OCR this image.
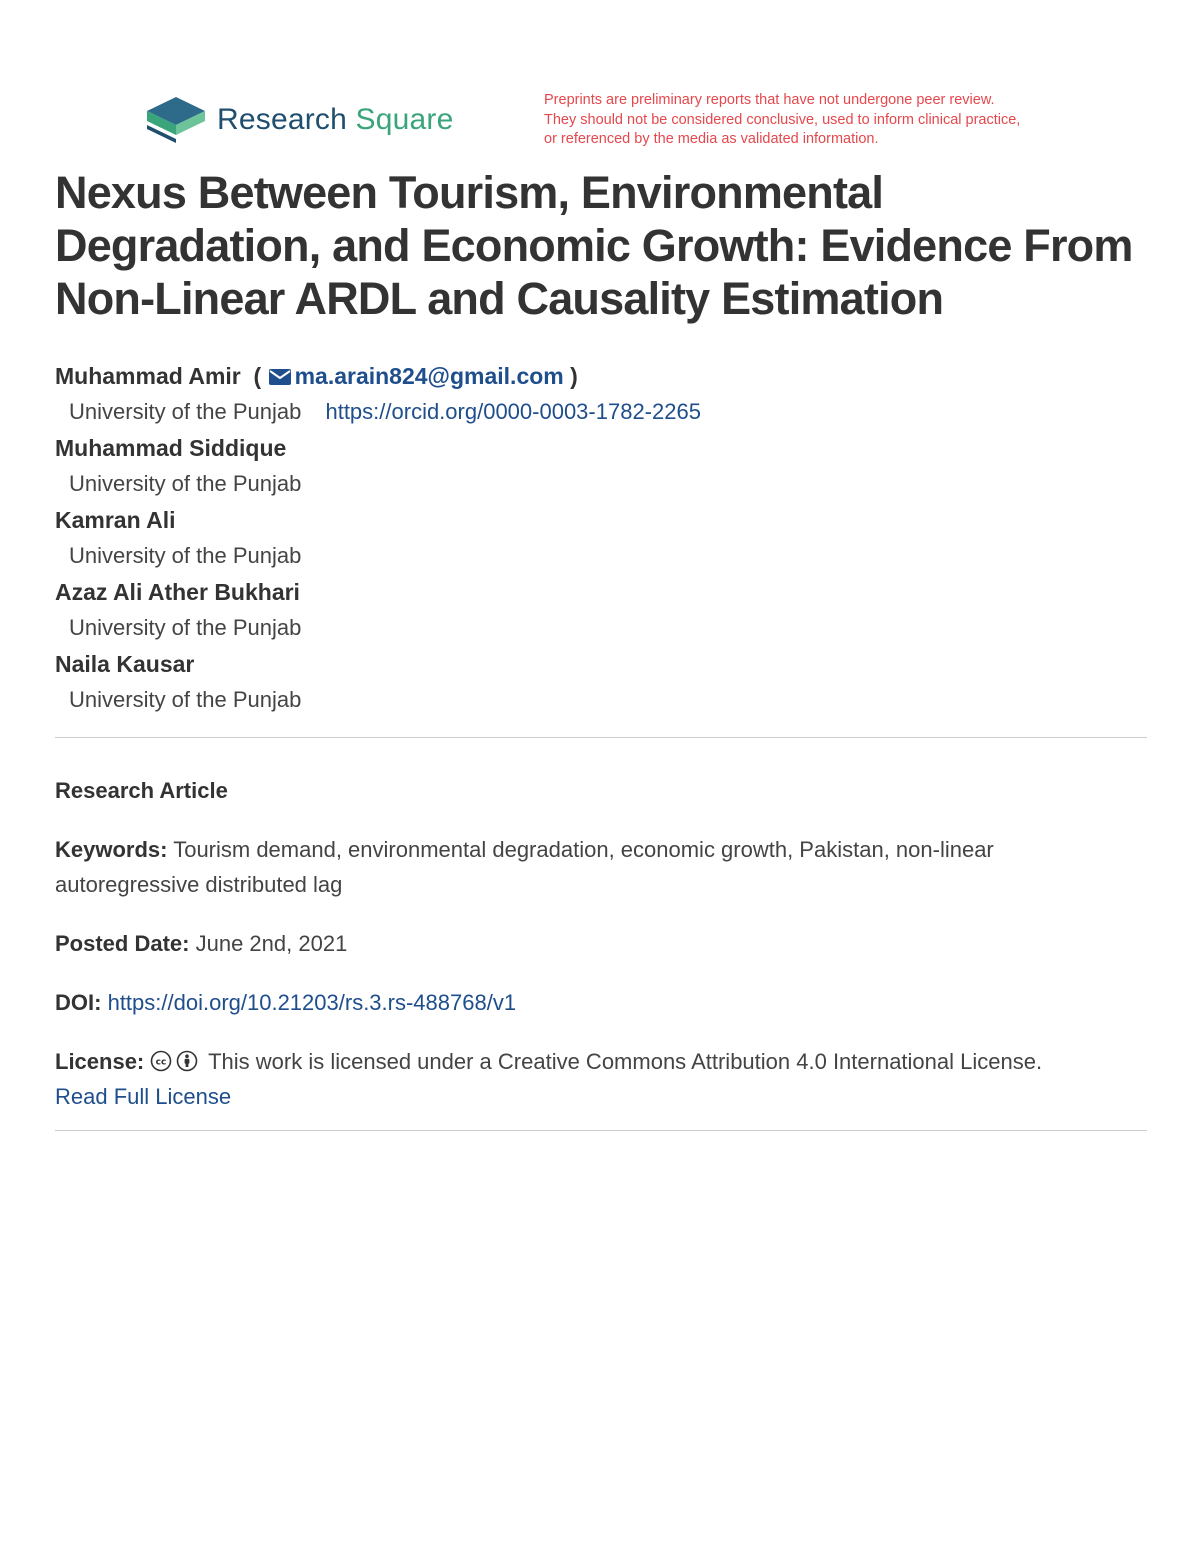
Research Square
Preprints are preliminary reports that have not undergone peer review.
They should not be considered conclusive, used to inform clinical practice,
or referenced by the media as validated information.
Nexus Between Tourism, Environmental Degradation, and Economic Growth: Evidence From Non-Linear ARDL and Causality Estimation
Muhammad Amir  ( ma.arain824@gmail.com )
University of the Punjab https://orcid.org/0000-0003-1782-2265
Muhammad Siddique
University of the Punjab
Kamran Ali
University of the Punjab
Azaz Ali Ather Bukhari
University of the Punjab
Naila Kausar
University of the Punjab
Research Article
Keywords: Tourism demand, environmental degradation, economic growth, Pakistan, non-linear
autoregressive distributed lag
Posted Date: June 2nd, 2021
DOI: https://doi.org/10.21203/rs.3.rs-488768/v1
License: cc This work is licensed under a Creative Commons Attribution 4.0 International License.
Read Full License
